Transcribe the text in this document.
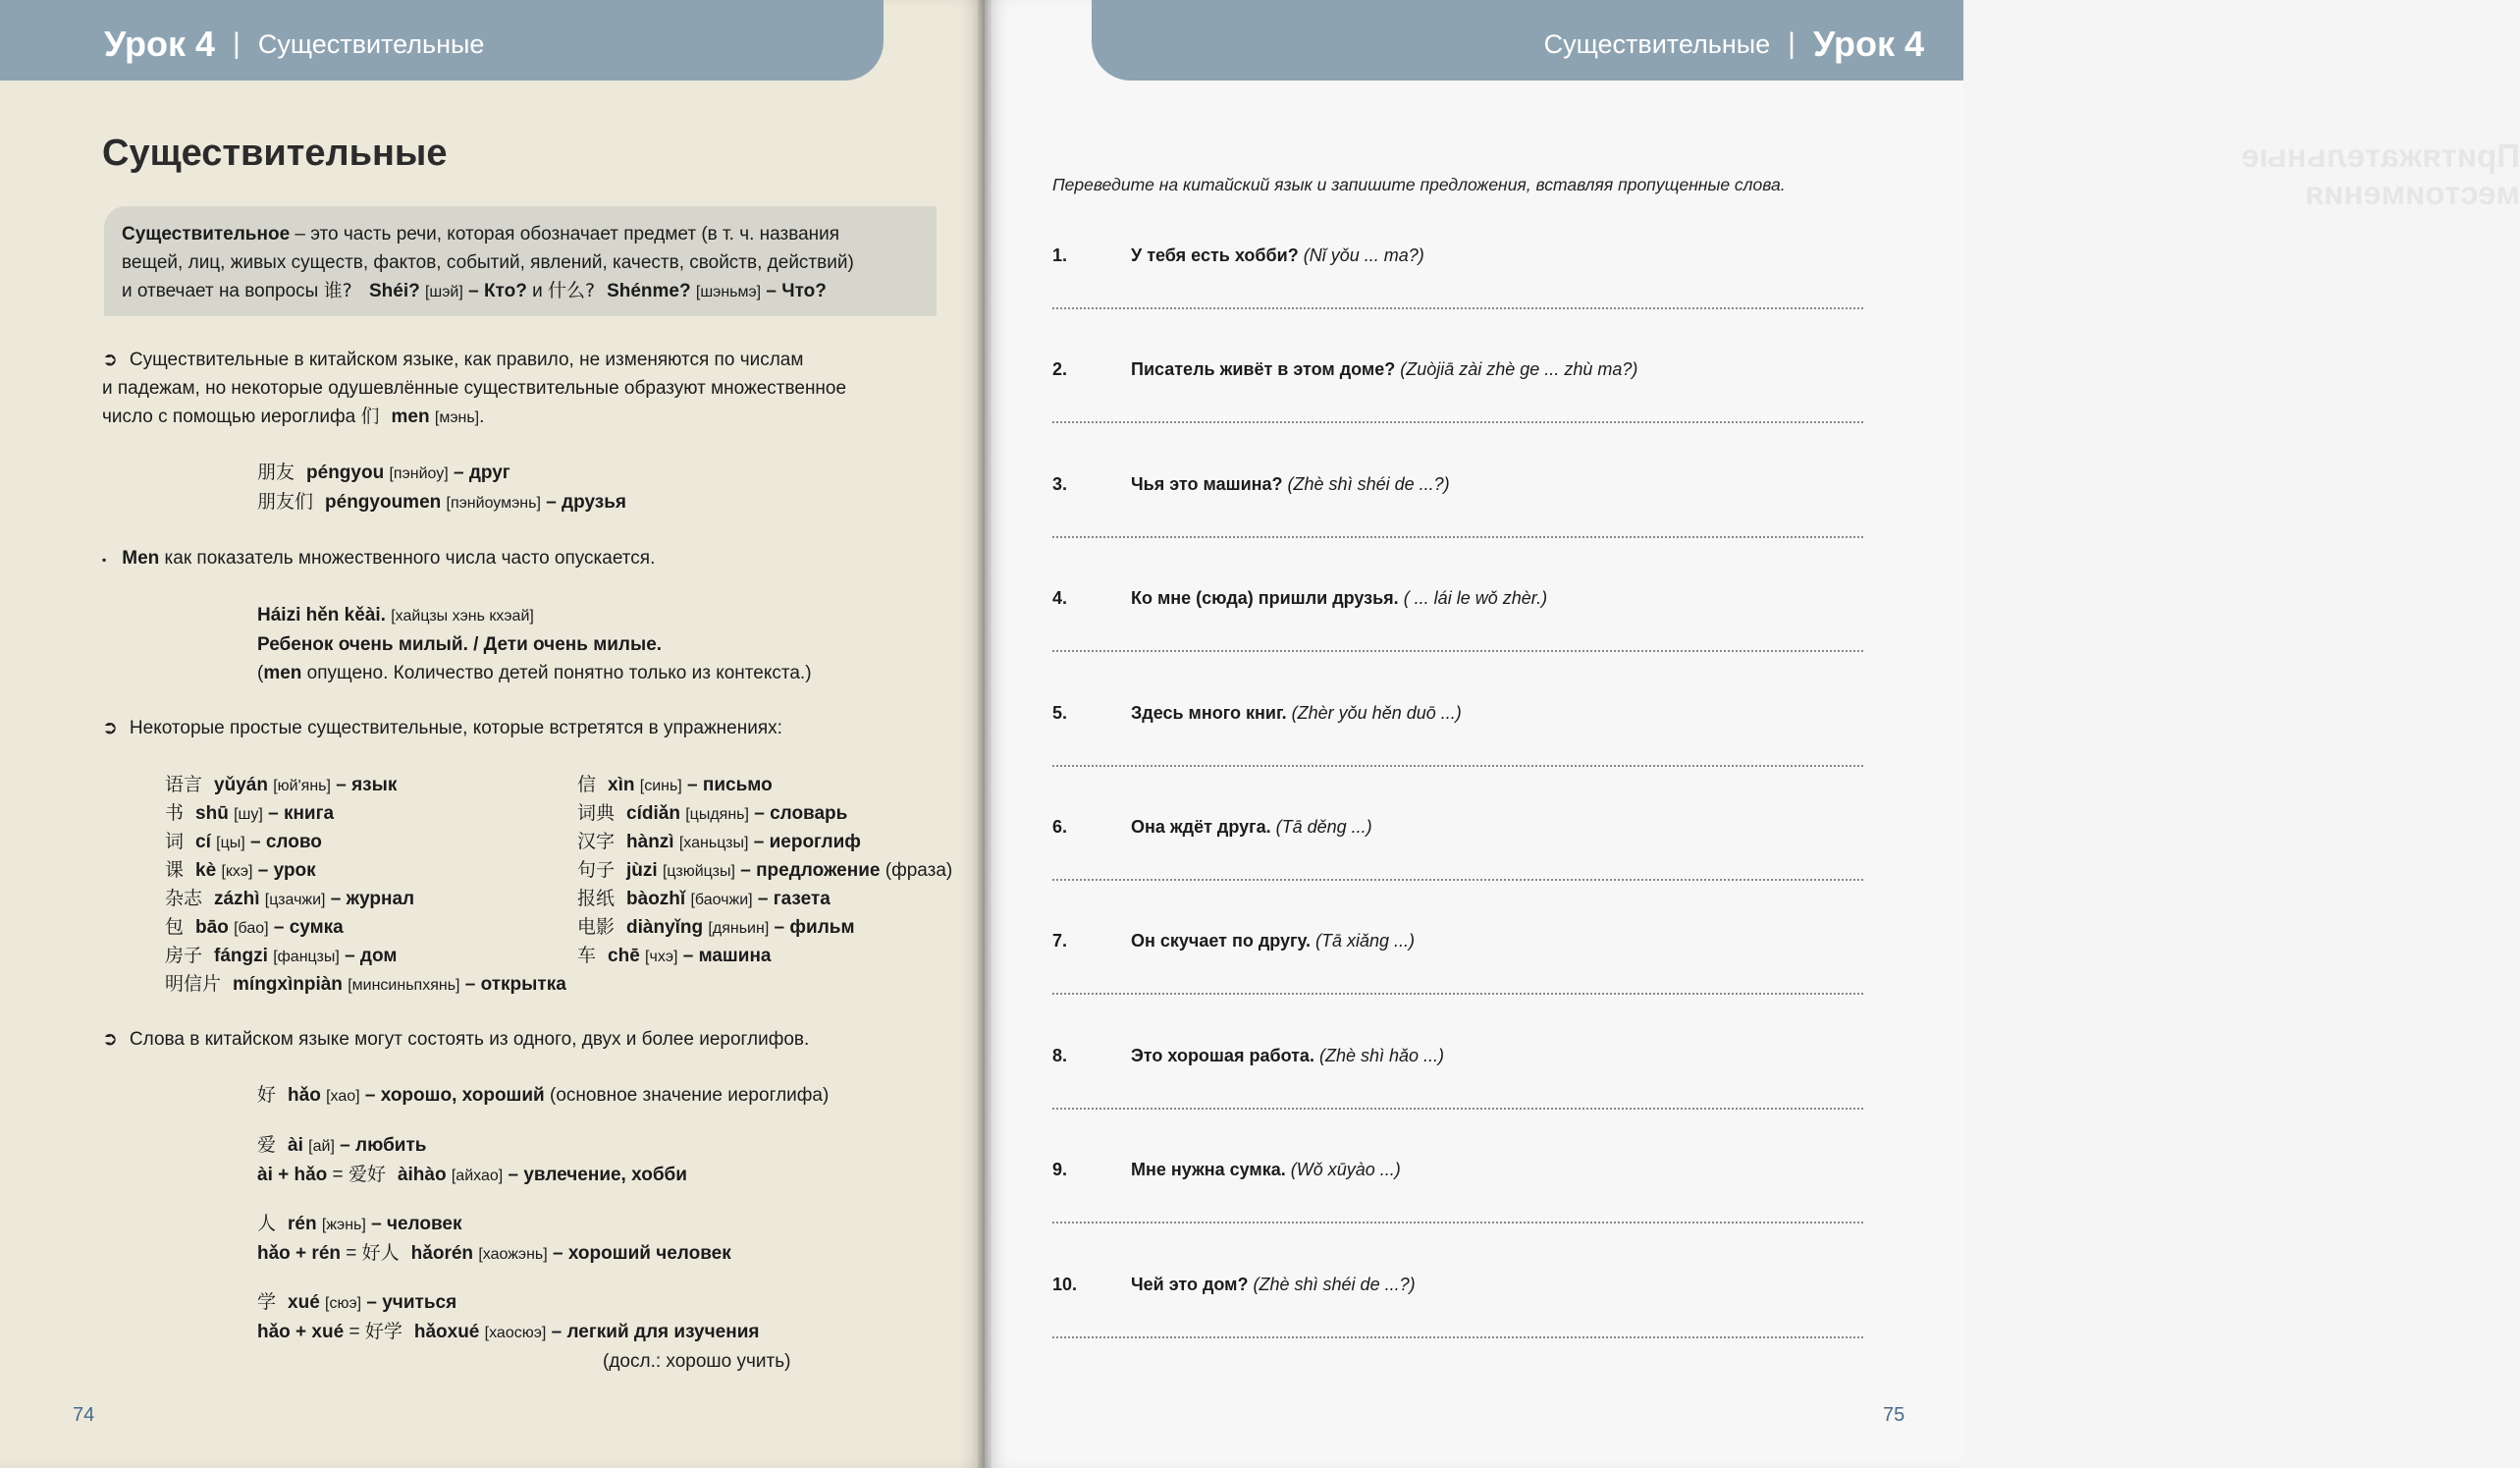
Урок 4 | Существительные
Существительные
Существительное – это часть речи, которая обозначает предмет (в т. ч. названия
вещей, лиц, живых существ, фактов, событий, явлений, качеств, свойств, действий)
и отвечает на вопросы 谁? Shéi? [шэй] – Кто? и 什么? Shénme? [шэньмэ] – Что?
➲ Существительные в китайском языке, как правило, не изменяются по числам
и падежам, но некоторые одушевлённые существительные образуют множественное
число с помощью иероглифа 们 men [мэнь].
朋友 péngyou [пэнйоу] – друг
朋友们 péngyoumen [пэнйоумэнь] – друзья
▪ Men как показатель множественного числа часто опускается.
Háizi hěn kěài. [хайцзы хэнь кхэай]
Ребенок очень милый. / Дети очень милые.
(men опущено. Количество детей понятно только из контекста.)
➲ Некоторые простые существительные, которые встретятся в упражнениях:
语言 yǔyán [юй'янь] – язык	信 xìn [синь] – письмо
书 shū [шу] – книга	词典 cídiǎn [цыдянь] – словарь
词 cí [цы] – слово	汉字 hànzì [ханьцзы] – иероглиф
课 kè [кхэ] – урок	句子 jùzi [цзюйцзы] – предложение (фраза)
杂志 zázhì [цзачжи] – журнал	报纸 bàozhǐ [баочжи] – газета
包 bāo [бао] – сумка	电影 diànyǐng [дяньин] – фильм
房子 fángzi [фанцзы] – дом	车 chē [чхэ] – машина
明信片 míngxìnpiàn [минсиньпхянь] – открытка
➲ Слова в китайском языке могут состоять из одного, двух и более иероглифов.
好 hǎo [хао] – хорошо, хороший (основное значение иероглифа)
爱 ài [ай] – любить
ài + hǎo = 爱好 àihào [айхао] – увлечение, хобби
人 rén [жэнь] – человек
hǎo + rén = 好人 hǎorén [хаожэнь] – хороший человек
学 xué [сюэ] – учиться
hǎo + xué = 好学 hǎoxué [хаосюэ] – легкий для изучения
(досл.: хорошо учить)
74
Притяжательные местоимения
Существительные | Урок 4
Переведите на китайский язык и запишите предложения, вставляя пропущенные слова.
1.	У тебя есть хобби? (Nǐ yǒu ... ma?)
2.	Писатель живёт в этом доме? (Zuòjiā zài zhè ge ... zhù ma?)
3.	Чья это машина? (Zhè shì shéi de ...?)
4.	Ко мне (сюда) пришли друзья. ( ... lái le wǒ zhèr.)
5.	Здесь много книг. (Zhèr yǒu hěn duō ...)
6.	Она ждёт друга. (Tā děng ...)
7.	Он скучает по другу. (Tā xiǎng ...)
8.	Это хорошая работа. (Zhè shì hǎo ...)
9.	Мне нужна сумка. (Wǒ xūyào ...)
10.	Чей это дом? (Zhè shì shéi de ...?)
75
